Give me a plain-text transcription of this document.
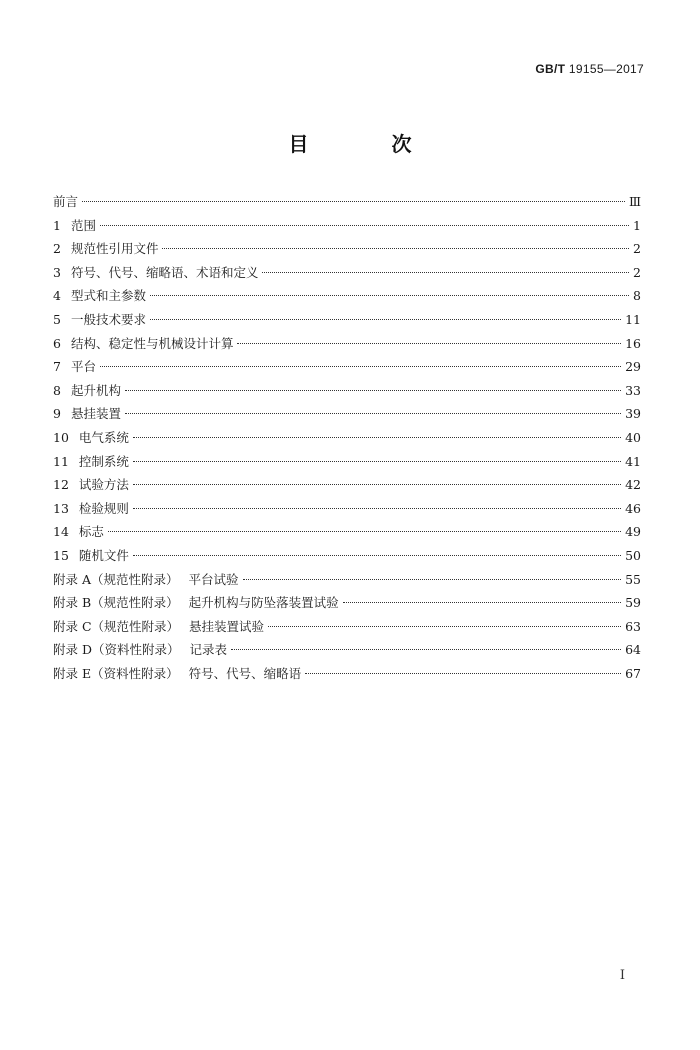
GB/T 19155—2017
目 次
前言	Ⅲ
1 范围	1
2 规范性引用文件	2
3 符号、代号、缩略语、术语和定义	2
4 型式和主参数	8
5 一般技术要求	11
6 结构、稳定性与机械设计计算	16
7 平台	29
8 起升机构	33
9 悬挂装置	39
10 电气系统	40
11 控制系统	41
12 试验方法	42
13 检验规则	46
14 标志	49
15 随机文件	50
附录 A（规范性附录） 平台试验	55
附录 B（规范性附录） 起升机构与防坠落装置试验	59
附录 C（规范性附录） 悬挂装置试验	63
附录 D（资料性附录） 记录表	64
附录 E（资料性附录） 符号、代号、缩略语	67
I
